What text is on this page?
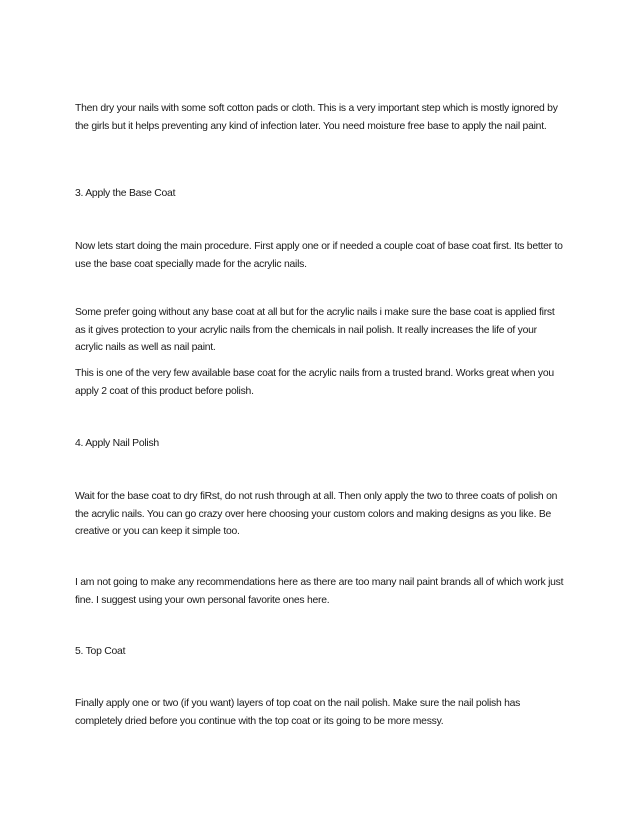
Then dry your nails with some soft cotton pads or cloth. This is a very important step which is mostly ignored by the girls but it helps preventing any kind of infection later. You need moisture free base to apply the nail paint.

3. Apply the Base Coat

Now lets start doing the main procedure. First apply one or if needed a couple coat of base coat first. Its better to use the base coat specially made for the acrylic nails.

Some prefer going without any base coat at all but for the acrylic nails i make sure the base coat is applied first as it gives protection to your acrylic nails from the chemicals in nail polish. It really increases the life of your acrylic nails as well as nail paint.

This is one of the very few available base coat for the acrylic nails from a trusted brand. Works great when you apply 2 coat of this product before polish.

4. Apply Nail Polish

Wait for the base coat to dry fiRst, do not rush through at all. Then only apply the two to three coats of polish on the acrylic nails. You can go crazy over here choosing your custom colors and making designs as you like. Be creative or you can keep it simple too.

I am not going to make any recommendations here as there are too many nail paint brands all of which work just fine. I suggest using your own personal favorite ones here.

5. Top Coat

Finally apply one or two (if you want) layers of top coat on the nail polish. Make sure the nail polish has completely dried before you continue with the top coat or its going to be more messy.
